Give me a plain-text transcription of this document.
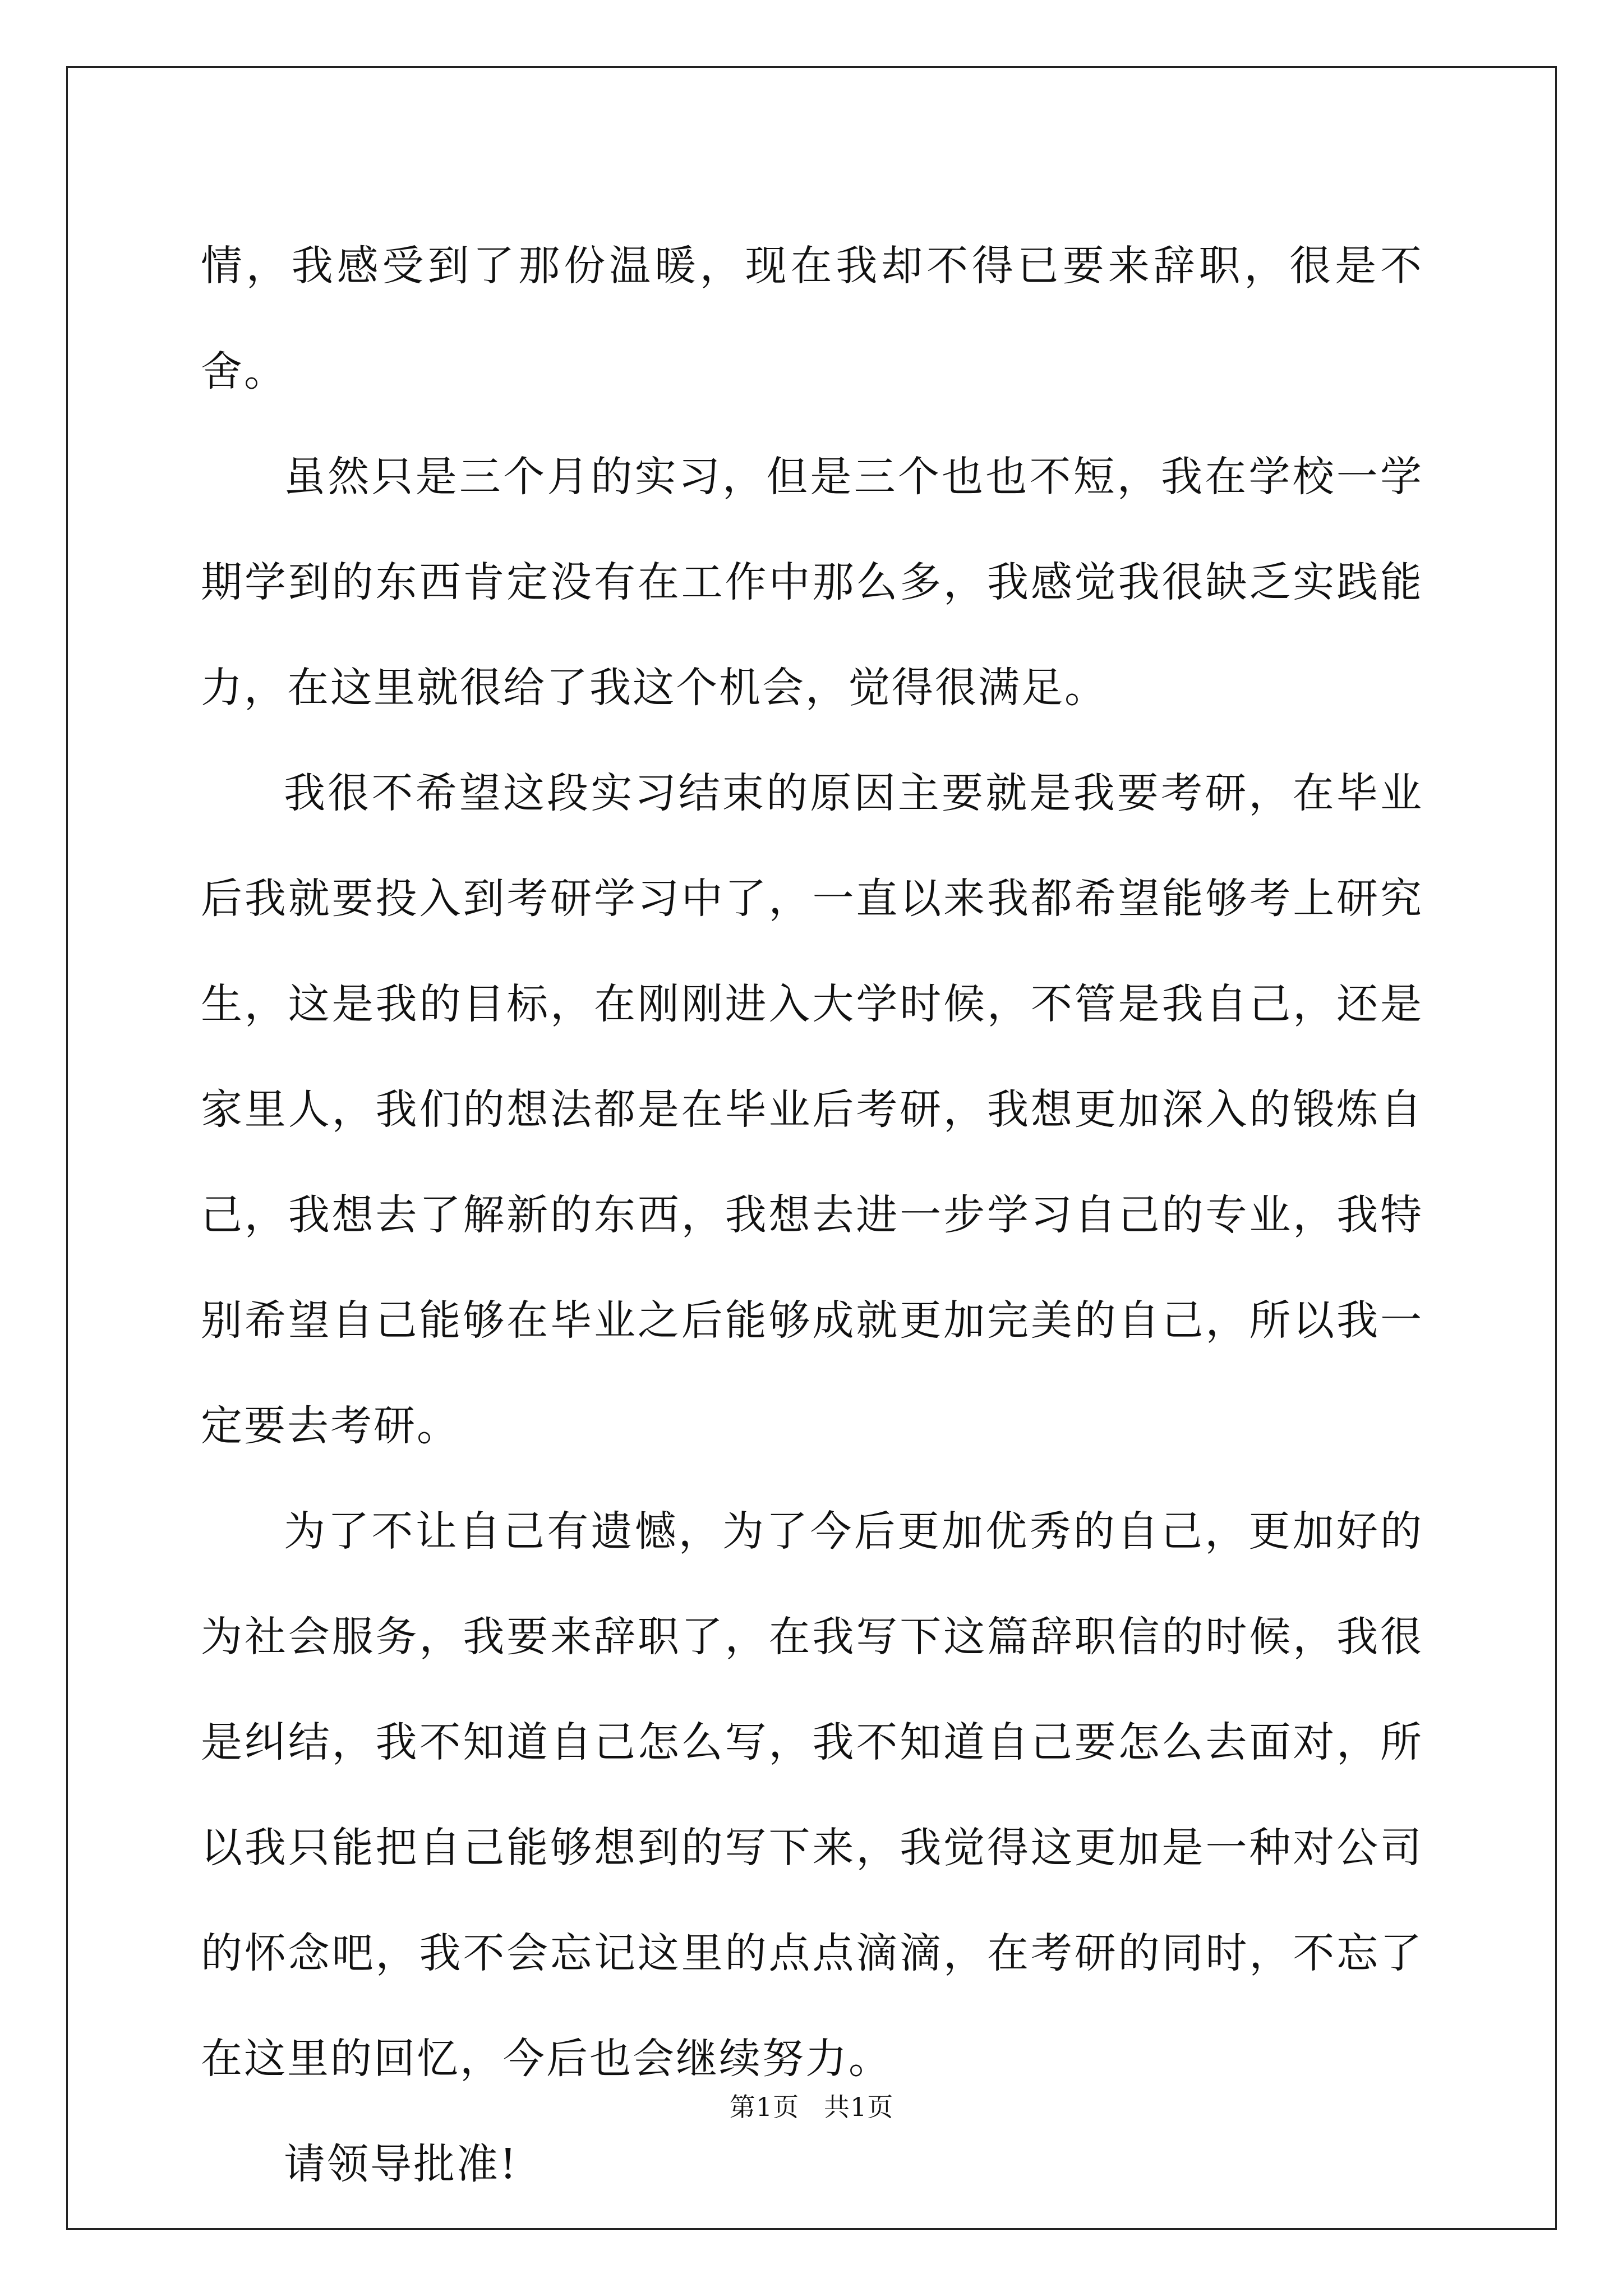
情，我感受到了那份温暖，现在我却不得已要来辞职，很是不舍。

虽然只是三个月的实习，但是三个也也不短，我在学校一学期学到的东西肯定没有在工作中那么多，我感觉我很缺乏实践能力，在这里就很给了我这个机会，觉得很满足。

我很不希望这段实习结束的原因主要就是我要考研，在毕业后我就要投入到考研学习中了，一直以来我都希望能够考上研究生，这是我的目标，在刚刚进入大学时候，不管是我自己，还是家里人，我们的想法都是在毕业后考研，我想更加深入的锻炼自己，我想去了解新的东西，我想去进一步学习自己的专业，我特别希望自己能够在毕业之后能够成就更加完美的自己，所以我一定要去考研。

为了不让自己有遗憾，为了今后更加优秀的自己，更加好的为社会服务，我要来辞职了，在我写下这篇辞职信的时候，我很是纠结，我不知道自己怎么写，我不知道自己要怎么去面对，所以我只能把自己能够想到的写下来，我觉得这更加是一种对公司的怀念吧，我不会忘记这里的点点滴滴，在考研的同时，不忘了在这里的回忆，今后也会继续努力。

请领导批准!

第1页 共1页
